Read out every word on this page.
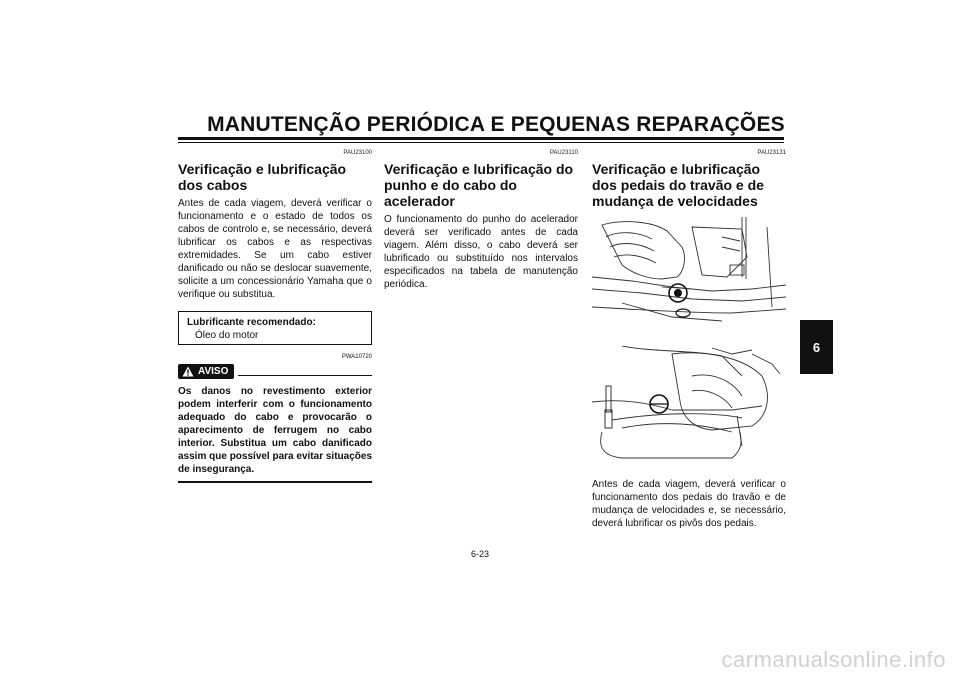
MANUTENÇÃO PERIÓDICA E PEQUENAS REPARAÇÕES
PAU23100
Verificação e lubrificação dos cabos

Antes de cada viagem, deverá verificar o funcionamento e o estado de todos os cabos de controlo e, se necessário, deverá lubrificar os cabos e as respectivas extremidades. Se um cabo estiver danificado ou não se deslocar suavemente, solicite a um concessionário Yamaha que o verifique ou substitua.

Lubrificante recomendado:
Óleo do motor
PWA10720
AVISO
Os danos no revestimento exterior podem interferir com o funcionamento adequado do cabo e provocarão o aparecimento de ferrugem no cabo interior. Substitua um cabo danificado assim que possível para evitar situações de insegurança.
PAU23110
Verificação e lubrificação do punho e do cabo do acelerador

O funcionamento do punho do acelerador deverá ser verificado antes de cada viagem. Além disso, o cabo deverá ser lubrificado ou substituído nos intervalos especificados na tabela de manutenção periódica.

PAU23131
Verificação e lubrificação dos pedais do travão e de mudança de velocidades

Antes de cada viagem, deverá verificar o funcionamento dos pedais do travão e de mudança de velocidades e, se necessário, deverá lubrificar os pivôs dos pedais.

6
6-23
carmanualsonline.info
